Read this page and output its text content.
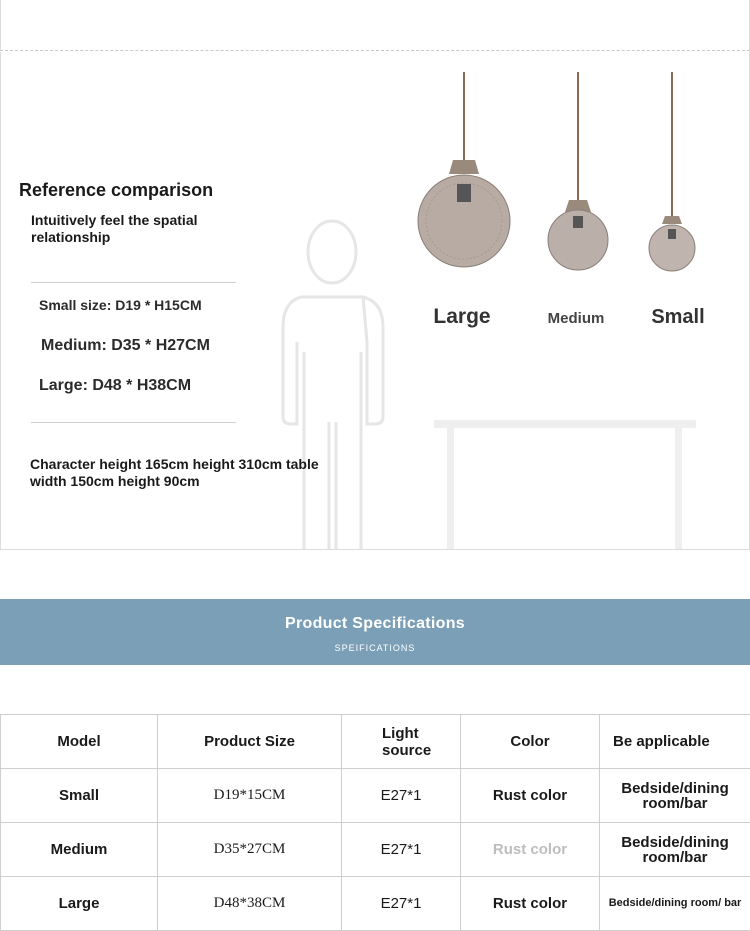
Reference comparison
Intuitively feel the spatial relationship
Small size: D19 * H15CM
Medium: D35 * H27CM
Large: D48 * H38CM
Character height 165cm height 310cm table width 150cm height 90cm
Large	Medium	Small
Product Specifications
SPEIFICATIONS
Model	Product Size	Light source	Color	Be applicable
Small	D19*15CM	E27*1	Rust color	Bedside/dining room/bar
Medium	D35*27CM	E27*1	Rust color	Bedside/dining room/bar
Large	D48*38CM	E27*1	Rust color	Bedside/dining room/ bar
